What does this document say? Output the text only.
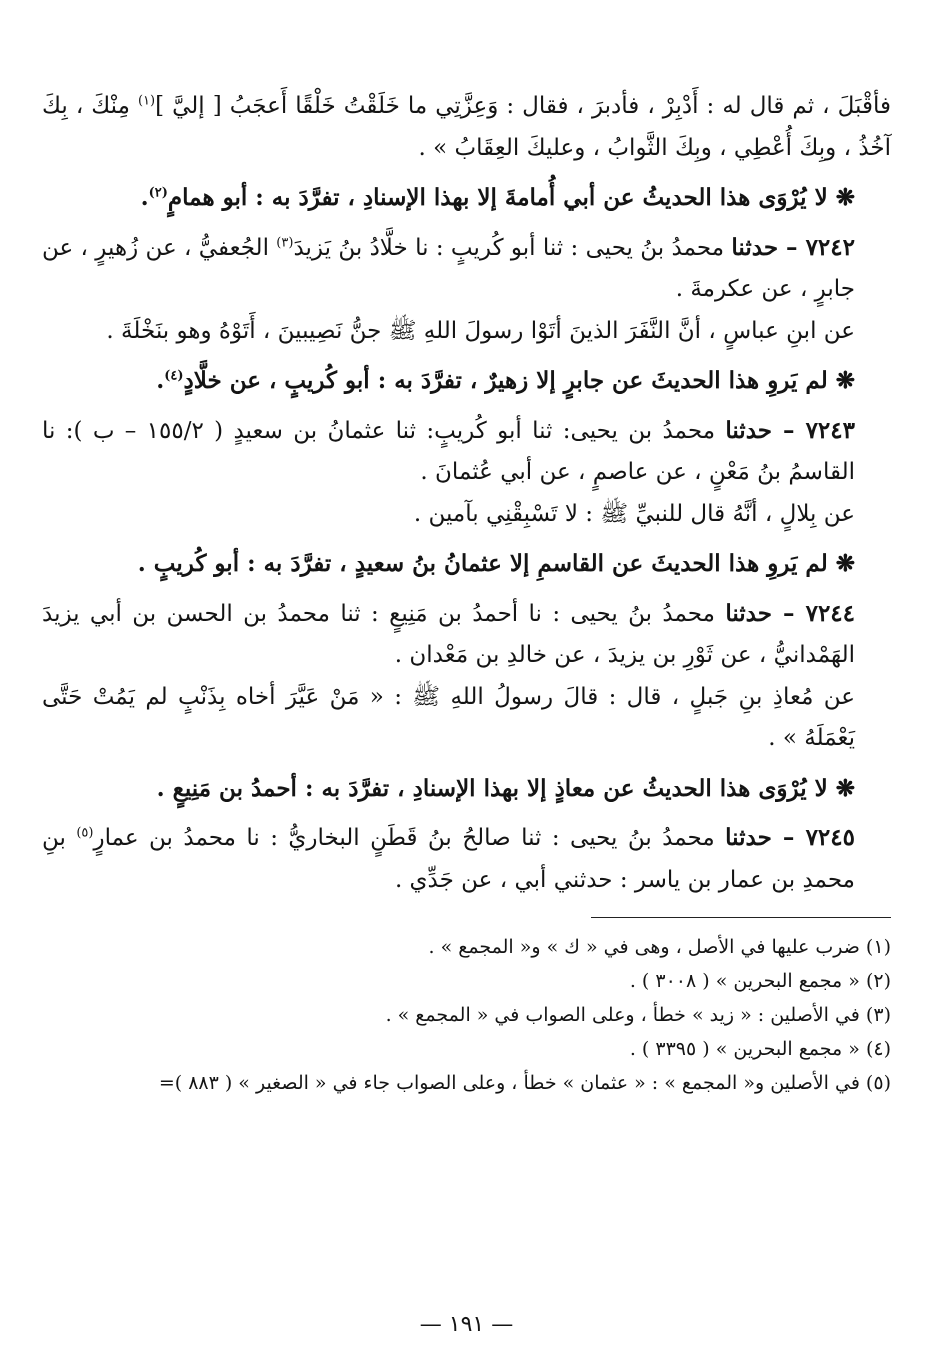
فأقْبَلَ ، ثم قال له : أَدْبِرْ ، فأدبرَ ، فقال : وَعِزَّتِي ما خَلَقْتُ خَلْقًا أَعجَبُ [ إليَّ ]$^{(١)}$ مِنْكَ ، بِكَ آخُذُ ، وبِكَ أُعْطِي ، وبِكَ الثَّوابُ ، وعليكَ العِقَابُ » .

❋ لا يُرْوَى هذا الحديثُ عن أبي أُمامةَ إلا بهذا الإسنادِ ، تفرَّدَ به : أبو همامٍ$^{(٢)}$.

٧٢٤٢ – حدثنا محمدُ بنُ يحيى : ثنا أبو كُريبٍ : نا خلَّادُ بنُ يَزيدَ$^{(٣)}$ الجُعفيُّ ، عن زُهيرٍ ، عن جابرٍ ، عن عكرمةَ .

عن ابنِ عباسٍ ، أنَّ النَّفَرَ الذينَ أتَوْا رسولَ اللهِ ﷺ جنُّ نَصِيبينَ ، أَتَوْهُ وهو بنَخْلَةَ .

❋ لم يَروِ هذا الحديثَ عن جابرٍ إلا زهيرٌ ، تفرَّدَ به : أبو كُريبٍ ، عن خلَّادٍ$^{(٤)}$.

٧٢٤٣ – حدثنا محمدُ بن يحيى: ثنا أبو كُريبٍ: ثنا عثمانُ بن سعيدٍ ( ١٥٥/٢ – ب ): نا القاسمُ بنُ مَعْنٍ ، عن عاصمٍ ، عن أبي عُثمانَ .

عن بِلالٍ ، أنَّهُ قال للنبيِّ ﷺ : لا تَسْبِقْنِي بآمين .

❋ لم يَروِ هذا الحديثَ عن القاسمِ إلا عثمانُ بنُ سعيدٍ ، تفرَّدَ به : أبو كُريبٍ .

٧٢٤٤ – حدثنا محمدُ بنُ يحيى : نا أحمدُ بن مَنِيعٍ : ثنا محمدُ بن الحسن بن أبي يزيدَ الهَمْدانيُّ ، عن ثَوْرِ بن يزيدَ ، عن خالدِ بن مَعْدان .

عن مُعاذِ بنِ جَبلٍ ، قال : قالَ رسولُ اللهِ ﷺ : « مَنْ عَيَّرَ أخاه بِذَنْبٍ لم يَمُتْ حَتَّى يَعْمَلَهُ » .

❋ لا يُرْوَى هذا الحديثُ عن معاذٍ إلا بهذا الإسنادِ ، تفرَّدَ به : أحمدُ بن مَنِيعٍ .

٧٢٤٥ – حدثنا محمدُ بنُ يحيى : ثنا صالحُ بنُ قَطَنٍ البخاريُّ : نا محمدُ بن عمارٍ$^{(٥)}$ بنِ محمدِ بن عمار بن ياسر : حدثني أبي ، عن جَدِّي .

(١) ضرب عليها في الأصل ، وهى في « ك » و« المجمع » .
(٢) « مجمع البحرين » ( ٣٠٠٨ ) .
(٣) في الأصلين : « زيد » خطأ ، وعلى الصواب في « المجمع » .
(٤) « مجمع البحرين » ( ٣٣٩٥ ) .
(٥) في الأصلين و« المجمع » : « عثمان » خطأ ، وعلى الصواب جاء في « الصغير » ( ٨٨٣ )=
— ١٩١ —
